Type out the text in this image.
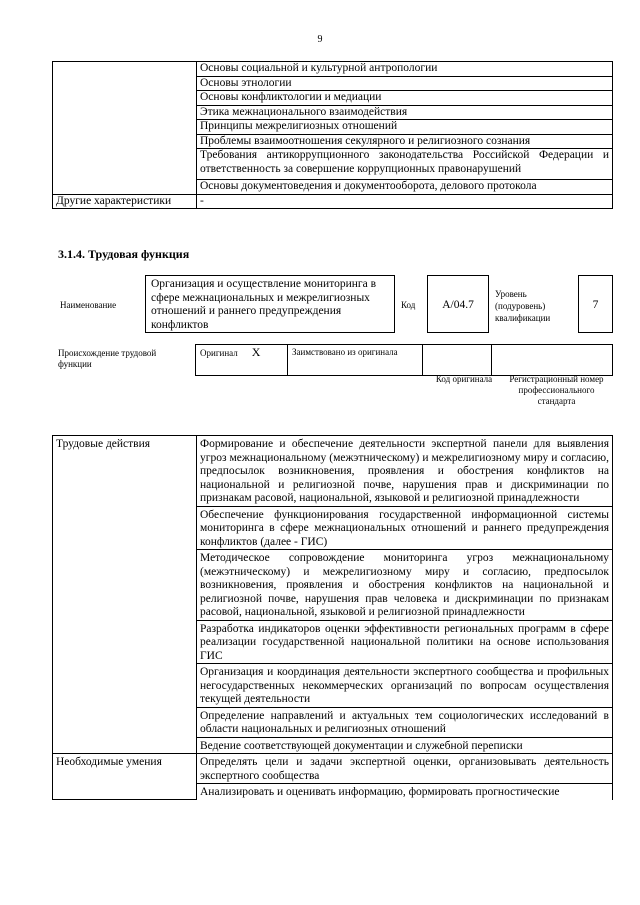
9
	Основы социальной и культурной антропологии
	Основы этнологии
	Основы конфликтологии и медиации
	Этика межнационального взаимодействия
	Принципы межрелигиозных отношений
	Проблемы взаимоотношения секулярного и религиозного сознания
	Требования антикоррупционного законодательства Российской Федерации и ответственность за совершение коррупционных правонарушений
	Основы документоведения и документооборота, делового протокола
Другие характеристики	-
3.1.4. Трудовая функция
Наименование
Организация и осуществление мониторинга в сфере межнациональных и межрелигиозных отношений и раннего предупреждения конфликтов
Код	А/04.7
Уровень (подуровень) квалификации
7
Происхождение трудовой функции
Оригинал X	Заимствовано из оригинала		
Код оригинала	Регистрационный номер профессионального стандарта
Трудовые действия	Формирование и обеспечение деятельности экспертной панели для выявления угроз межнациональному (межэтническому) и межрелигиозному миру и согласию, предпосылок возникновения, проявления и обострения конфликтов на национальной и религиозной почве, нарушения прав и дискриминации по признакам расовой, национальной, языковой и религиозной принадлежности
	Обеспечение функционирования государственной информационной системы мониторинга в сфере межнациональных отношений и раннего предупреждения конфликтов (далее - ГИС)
	Методическое сопровождение мониторинга угроз межнациональному (межэтническому) и межрелигиозному миру и согласию, предпосылок возникновения, проявления и обострения конфликтов на национальной и религиозной почве, нарушения прав человека и дискриминации по признакам расовой, национальной, языковой и религиозной принадлежности
	Разработка индикаторов оценки эффективности региональных программ в сфере реализации государственной национальной политики на основе использования ГИС
	Организация и координация деятельности экспертного сообщества и профильных негосударственных некоммерческих организаций по вопросам осуществления текущей деятельности
	Определение направлений и актуальных тем социологических исследований в области национальных и религиозных отношений
	Ведение соответствующей документации и служебной переписки
Необходимые умения	Определять цели и задачи экспертной оценки, организовывать деятельность экспертного сообщества
	Анализировать и оценивать информацию, формировать прогностические
